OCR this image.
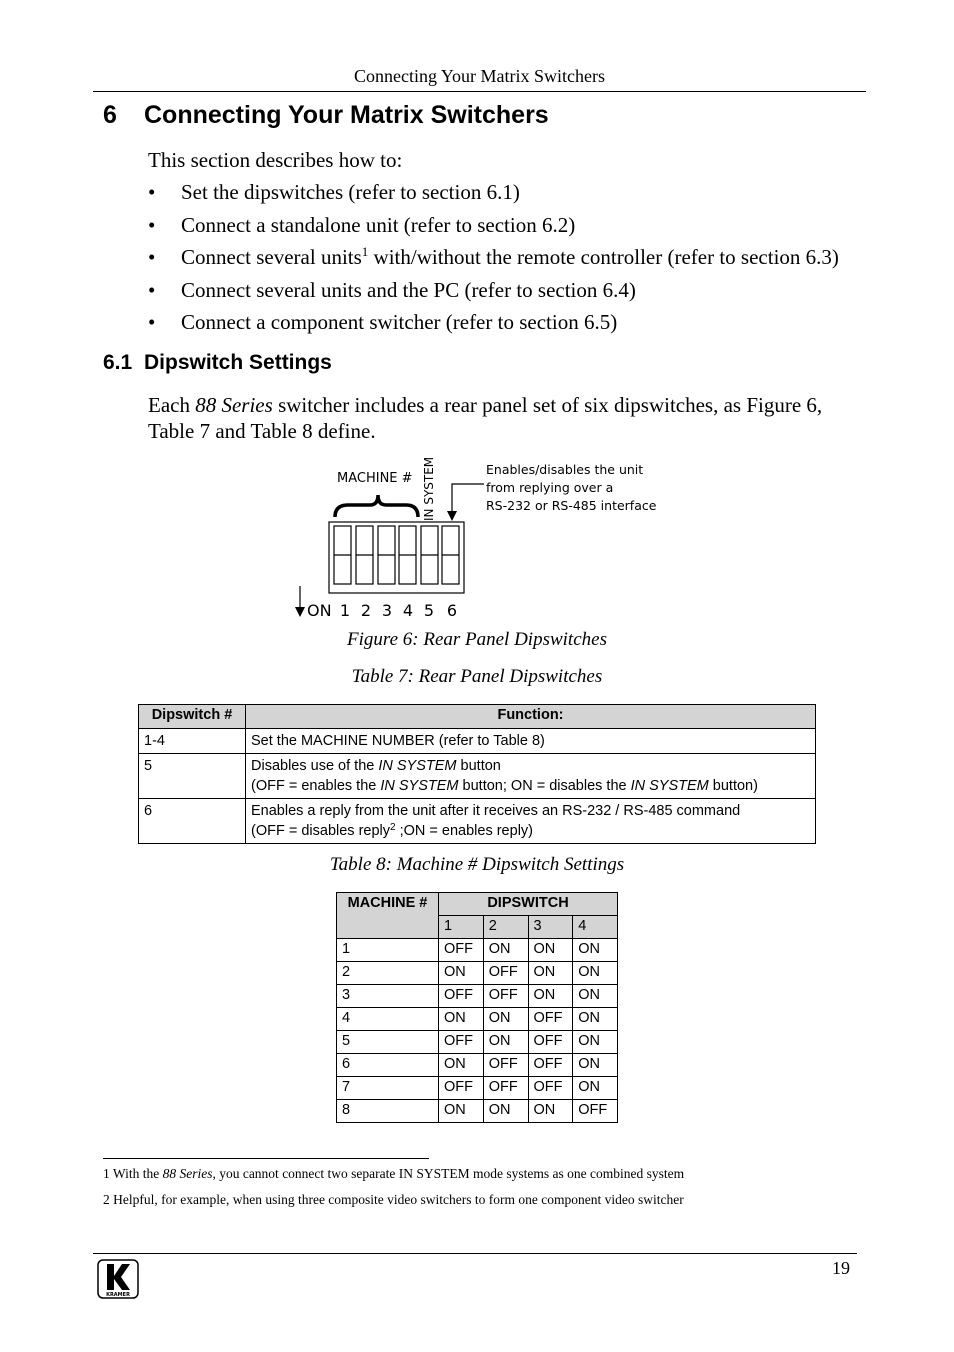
Connecting Your Matrix Switchers
6 Connecting Your Matrix Switchers
This section describes how to:
• Set the dipswitches (refer to section 6.1)
• Connect a standalone unit (refer to section 6.2)
• Connect several units$^1$ with/without the remote controller (refer to section 6.3)
• Connect several units and the PC (refer to section 6.4)
• Connect a component switcher (refer to section 6.5)
6.1 Dipswitch Settings
Each 88 Series switcher includes a rear panel set of six dipswitches, as Figure 6, Table 7 and Table 8 define.
MACHINE # IN SYSTEM	Enables/disables the unit
from replying over a
RS-232 or RS-485 interface
ON 1 2 3 4 5 6
Figure 6: Rear Panel Dipswitches
Table 7: Rear Panel Dipswitches
Dipswitch #	Function:
1-4	Set the MACHINE NUMBER (refer to Table 8)
5	Disables use of the IN SYSTEM button
(OFF = enables the IN SYSTEM button; ON = disables the IN SYSTEM button)
6	Enables a reply from the unit after it receives an RS-232 / RS-485 command
(OFF = disables reply$^2$ ;ON = enables reply)
Table 8: Machine # Dipswitch Settings
MACHINE #	DIPSWITCH			
	1	2	3	4
1	OFF	ON	ON	ON
2	ON	OFF	ON	ON
3	OFF	OFF	ON	ON
4	ON	ON	OFF	ON
5	OFF	ON	OFF	ON
6	ON	OFF	OFF	ON
7	OFF	OFF	OFF	ON
8	ON	ON	ON	OFF
1 With the 88 Series, you cannot connect two separate IN SYSTEM mode systems as one combined system
2 Helpful, for example, when using three composite video switchers to form one component video switcher
19
KRAMER
